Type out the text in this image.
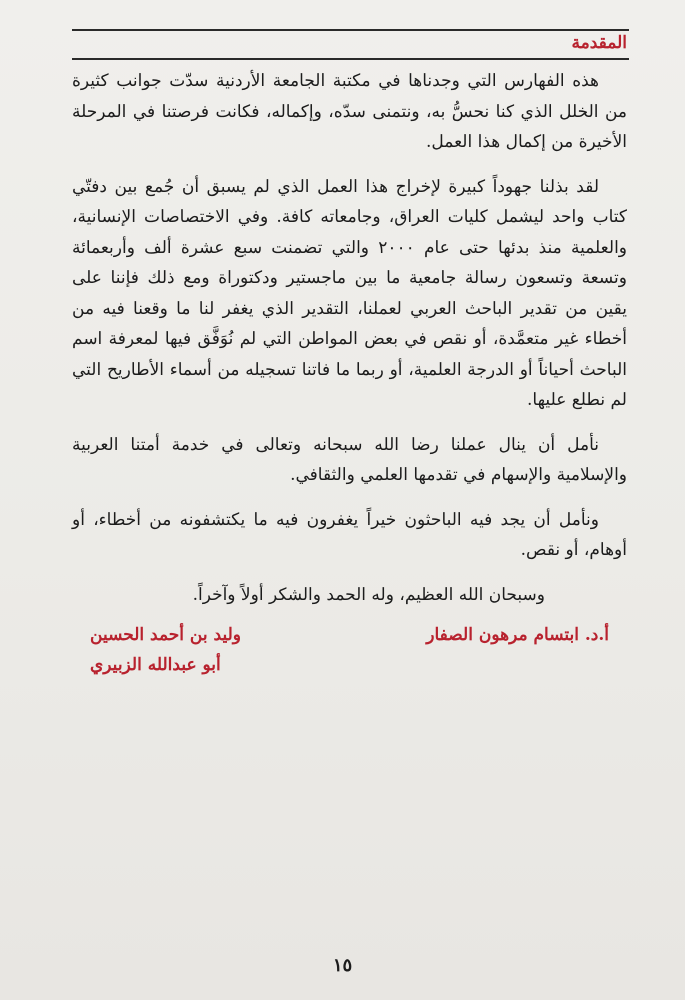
المقدمة

هذه الفهارس التي وجدناها في مكتبة الجامعة الأردنية سدّت جوانب كثيرة من الخلل الذي كنا نحسُّ به، ونتمنى سدّه، وإكماله، فكانت فرصتنا في المرحلة الأخيرة من إكمال هذا العمل.

لقد بذلنا جهوداً كبيرة لإخراج هذا العمل الذي لم يسبق أن جُمع بين دفتّي كتاب واحد ليشمل كليات العراق، وجامعاته كافة. وفي الاختصاصات الإنسانية، والعلمية منذ بدئها حتى عام ٢٠٠٠ والتي تضمنت سبع عشرة ألف وأربعمائة وتسعة وتسعون رسالة جامعية ما بين ماجستير ودكتوراة ومع ذلك فإننا على يقين من تقدير الباحث العربي لعملنا، التقدير الذي يغفر لنا ما وقعنا فيه من أخطاء غير متعمَّدة، أو نقص في بعض المواطن التي لم نُوَفَّق فيها لمعرفة اسم الباحث أحياناً أو الدرجة العلمية، أو ربما ما فاتنا تسجيله من أسماء الأطاريح التي لم نطلع عليها.

نأمل أن ينال عملنا رضا الله سبحانه وتعالى في خدمة أمتنا العربية والإسلامية والإسهام في تقدمها العلمي والثقافي.

ونأمل أن يجد فيه الباحثون خيراً يغفرون فيه ما يكتشفونه من أخطاء، أو أوهام، أو نقص.

وسبحان الله العظيم، وله الحمد والشكر أولاً وآخراً.
أ.د. ابتسام مرهون الصفار
وليد بن أحمد الحسين
أبو عبدالله الزبيري
١٥
